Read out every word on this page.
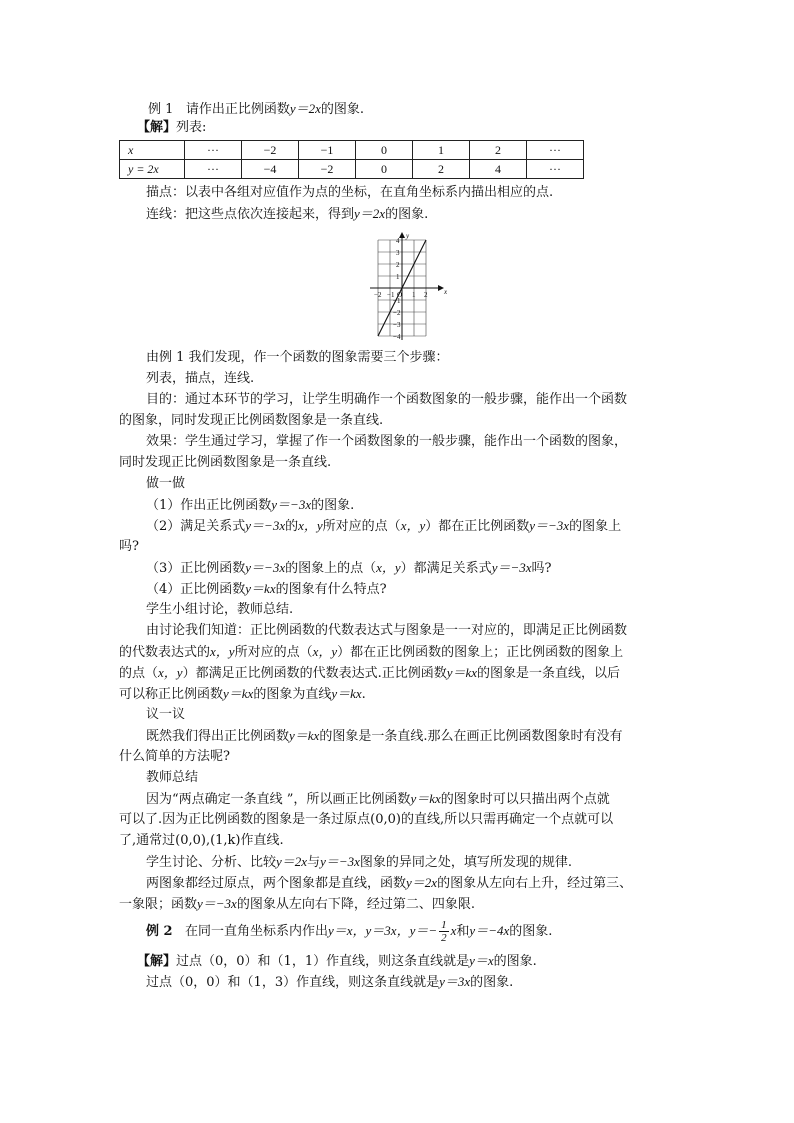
例 1 请作出正比例函数y＝2x的图象.
【解】列表:
x	···	−2	−1	0	1	2	···
y = 2x	···	−4	−2	0	2	4	···
描点：以表中各组对应值作为点的坐标，在直角坐标系内描出相应的点.
连线：把这些点依次连接起来，得到y＝2x的图象.
x
y
−2 −1 O 1 2
4
3
2
1
−1
−2
−3
−4
由例 1 我们发现，作一个函数的图象需要三个步骤：
列表，描点，连线.
目的：通过本环节的学习，让学生明确作一个函数图象的一般步骤，能作出一个函数
的图象，同时发现正比例函数图象是一条直线.
效果：学生通过学习，掌握了作一个函数图象的一般步骤，能作出一个函数的图象，
同时发现正比例函数图象是一条直线.
做一做
（1）作出正比例函数y＝−3x的图象.
（2）满足关系式y＝−3x的x，y所对应的点（x，y）都在正比例函数y＝−3x的图象上
吗?
（3）正比例函数y＝−3x的图象上的点（x，y）都满足关系式y＝−3x吗?
（4）正比例函数y＝kx的图象有什么特点?
学生小组讨论，教师总结.
由讨论我们知道：正比例函数的代数表达式与图象是一一对应的，即满足正比例函数
的代数表达式的x，y所对应的点（x，y）都在正比例函数的图象上；正比例函数的图象上
的点（x，y）都满足正比例函数的代数表达式.正比例函数y＝kx的图象是一条直线，以后
可以称正比例函数y＝kx的图象为直线y＝kx.
议一议
既然我们得出正比例函数y＝kx的图象是一条直线.那么在画正比例函数图象时有没有
什么简单的方法呢?
教师总结
因为“两点确定一条直线 ”，所以画正比例函数y＝kx的图象时可以只描出两个点就
可以了.因为正比例函数的图象是一条过原点(0,0)的直线,所以只需再确定一个点就可以
了,通常过(0,0),(1,k)作直线.
学生讨论、分析、比较y＝2x与y＝−3x图象的异同之处，填写所发现的规律.
两图象都经过原点，两个图象都是直线，函数y＝2x的图象从左向右上升，经过第三、
一象限；函数y＝−3x的图象从左向右下降，经过第二、四象限.
例 2 在同一直角坐标系内作出y＝x，y＝3x，$y=- \frac{1}{2}$ x和y＝−4x的图象.
【解】过点（0，0）和（1，1）作直线，则这条直线就是y＝x的图象.
过点（0，0）和（1，3）作直线，则这条直线就是y＝3x的图象.
